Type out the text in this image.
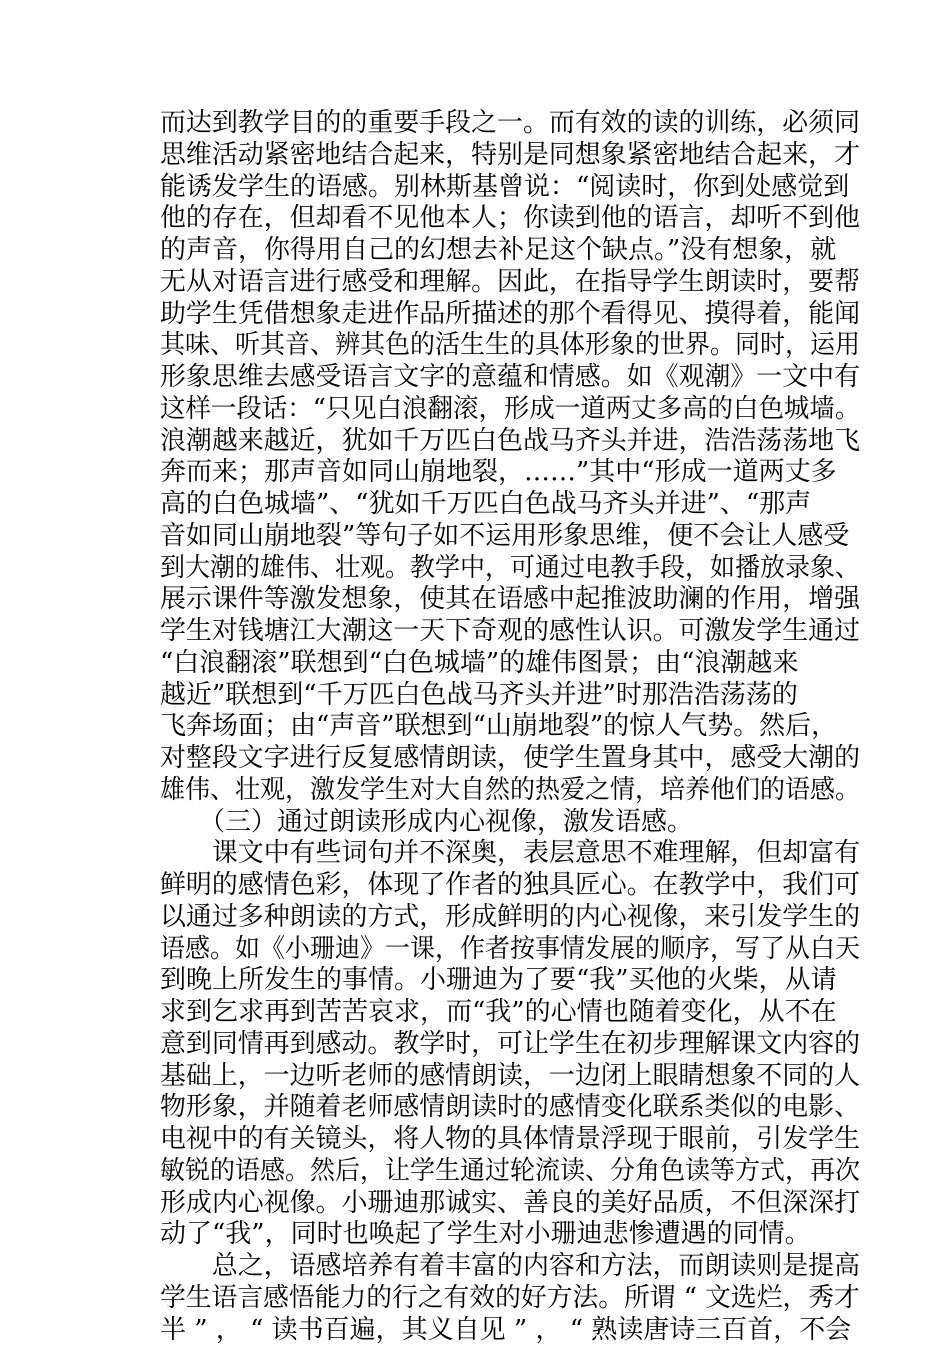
而达到教学目的的重要手段之一。而有效的读的训练，必须同
思维活动紧密地结合起来，特别是同想象紧密地结合起来，才
能诱发学生的语感。别林斯基曾说：“阅读时，你到处感觉到
他的存在，但却看不见他本人；你读到他的语言，却听不到他
的声音，你得用自己的幻想去补足这个缺点。”没有想象，就
无从对语言进行感受和理解。因此，在指导学生朗读时，要帮
助学生凭借想象走进作品所描述的那个看得见、摸得着，能闻
其味、听其音、辨其色的活生生的具体形象的世界。同时，运用
形象思维去感受语言文字的意蕴和情感。如《观潮》一文中有
这样一段话：“只见白浪翻滚，形成一道两丈多高的白色城墙。
浪潮越来越近，犹如千万匹白色战马齐头并进，浩浩荡荡地飞
奔而来；那声音如同山崩地裂，……”其中“形成一道两丈多
高的白色城墙”、“犹如千万匹白色战马齐头并进”、“那声
音如同山崩地裂”等句子如不运用形象思维，便不会让人感受
到大潮的雄伟、壮观。教学中，可通过电教手段，如播放录象、
展示课件等激发想象，使其在语感中起推波助澜的作用，增强
学生对钱塘江大潮这一天下奇观的感性认识。可激发学生通过
“白浪翻滚”联想到“白色城墙”的雄伟图景；由“浪潮越来
越近”联想到“千万匹白色战马齐头并进”时那浩浩荡荡的
飞奔场面；由“声音”联想到“山崩地裂”的惊人气势。然后，
对整段文字进行反复感情朗读，使学生置身其中，感受大潮的
雄伟、壮观，激发学生对大自然的热爱之情，培养他们的语感。
　　（三）通过朗读形成内心视像，激发语感。
　　课文中有些词句并不深奥，表层意思不难理解，但却富有
鲜明的感情色彩，体现了作者的独具匠心。在教学中，我们可
以通过多种朗读的方式，形成鲜明的内心视像，来引发学生的
语感。如《小珊迪》一课，作者按事情发展的顺序，写了从白天
到晚上所发生的事情。小珊迪为了要“我”买他的火柴，从请
求到乞求再到苦苦哀求，而“我”的心情也随着变化，从不在
意到同情再到感动。教学时，可让学生在初步理解课文内容的
基础上，一边听老师的感情朗读，一边闭上眼睛想象不同的人
物形象，并随着老师感情朗读时的感情变化联系类似的电影、
电视中的有关镜头，将人物的具体情景浮现于眼前，引发学生
敏锐的语感。然后，让学生通过轮流读、分角色读等方式，再次
形成内心视像。小珊迪那诚实、善良的美好品质，不但深深打
动了“我”，同时也唤起了学生对小珊迪悲惨遭遇的同情。
　　总之，语感培养有着丰富的内容和方法，而朗读则是提高
学生语言感悟能力的行之有效的好方法。所谓 “ 文选烂，秀才
半 ” ， “ 读书百遍，其义自见 ” ， “ 熟读唐诗三百首，不会
